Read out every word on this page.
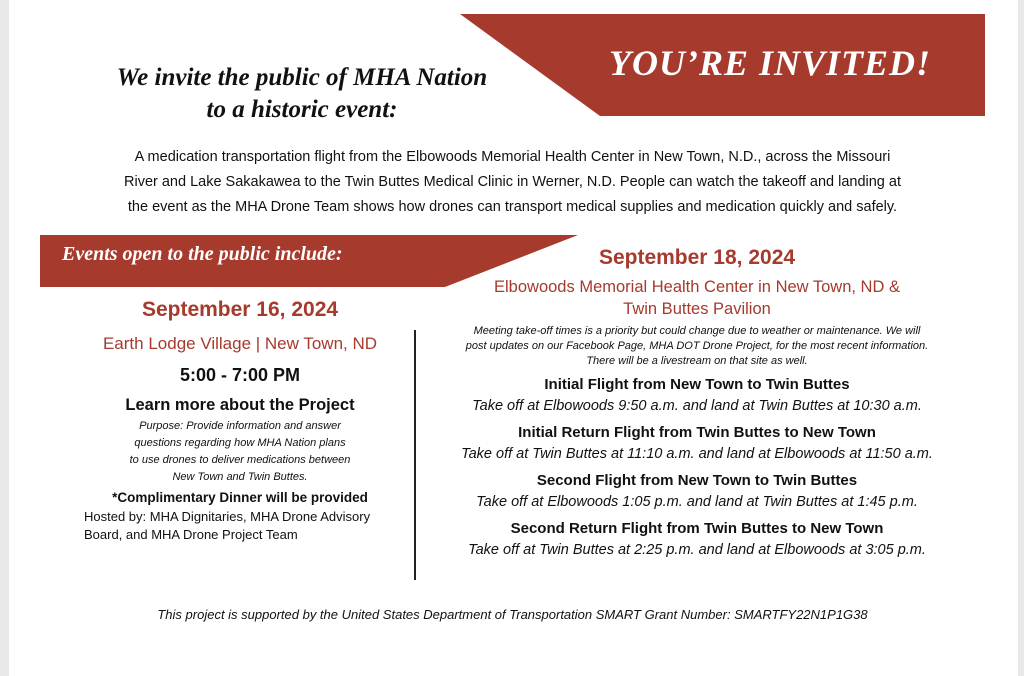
We invite the public of MHA Nation
to a historic event:
YOU’RE INVITED!
A medication transportation flight from the Elbowoods Memorial Health Center in New Town, N.D., across the Missouri
River and Lake Sakakawea to the Twin Buttes Medical Clinic in Werner, N.D. People can watch the takeoff and landing at
the event as the MHA Drone Team shows how drones can transport medical supplies and medication quickly and safely.
Events open to the public include:
September 16, 2024
Earth Lodge Village | New Town, ND
5:00 - 7:00 PM
Learn more about the Project
Purpose: Provide information and answer
questions regarding how MHA Nation plans
to use drones to deliver medications between
New Town and Twin Buttes.
*Complimentary Dinner will be provided
Hosted by: MHA Dignitaries, MHA Drone Advisory Board, and MHA Drone Project Team
September 18, 2024
Elbowoods Memorial Health Center in New Town, ND &
Twin Buttes Pavilion
Meeting take-off times is a priority but could change due to weather or maintenance. We will
post updates on our Facebook Page, MHA DOT Drone Project, for the most recent information.
There will be a livestream on that site as well.
Initial Flight from New Town to Twin Buttes
Take off at Elbowoods 9:50 a.m. and land at Twin Buttes at 10:30 a.m.
Initial Return Flight from Twin Buttes to New Town
Take off at Twin Buttes at 11:10 a.m. and land at Elbowoods at 11:50 a.m.
Second Flight from New Town to Twin Buttes
Take off at Elbowoods 1:05 p.m. and land at Twin Buttes at 1:45 p.m.
Second Return Flight from Twin Buttes to New Town
Take off at Twin Buttes at 2:25 p.m. and land at Elbowoods at 3:05 p.m.
This project is supported by the United States Department of Transportation SMART Grant Number: SMARTFY22N1P1G38
